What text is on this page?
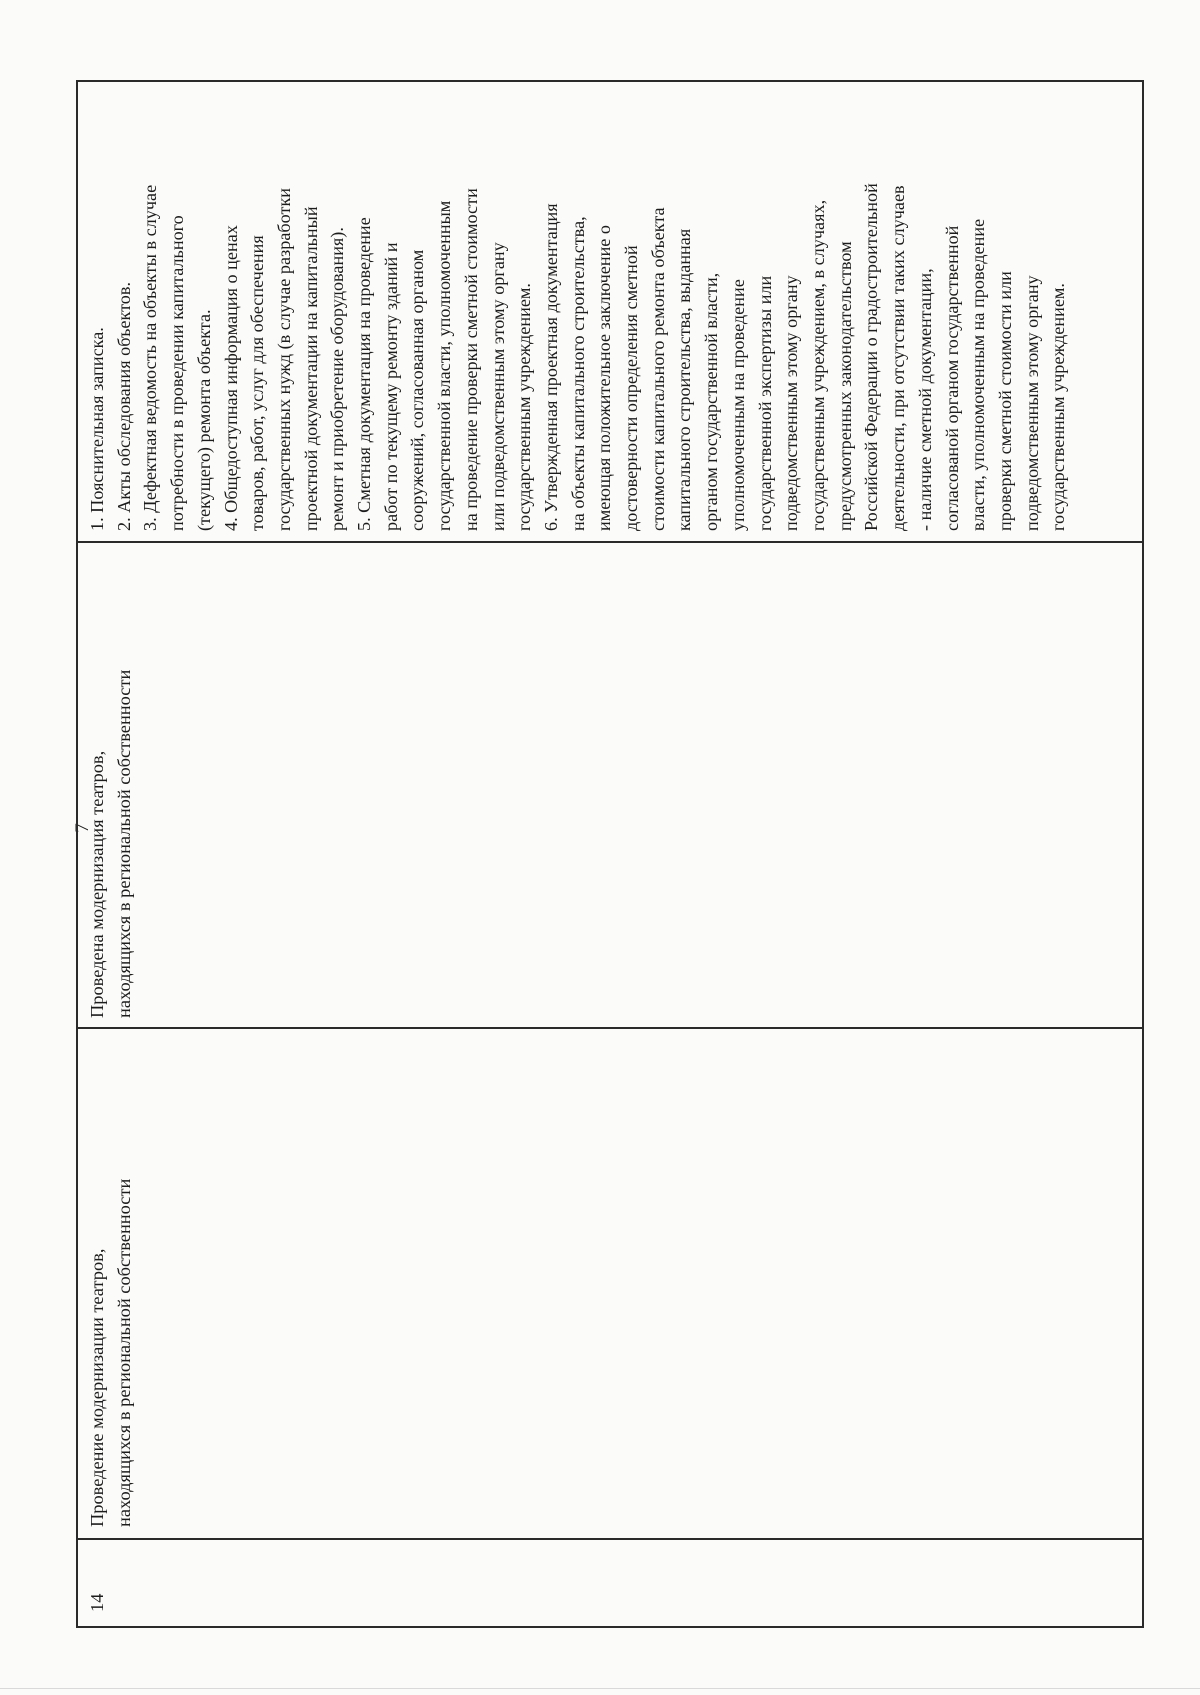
7
14
Проведение модернизации театров,
находящихся в региональной собственности
Проведена модернизация театров,
находящихся в региональной собственности
1. Пояснительная записка.
2. Акты обследования объектов.
3. Дефектная ведомость на объекты в случае
потребности в проведении капитального
(текущего) ремонта объекта.
4. Общедоступная информация о ценах
товаров, работ, услуг для обеспечения
государственных нужд (в случае разработки
проектной документации на капитальный
ремонт и приобретение оборудования).
5. Сметная документация на проведение
работ по текущему ремонту зданий и
сооружений, согласованная органом
государственной власти, уполномоченным
на проведение проверки сметной стоимости
или подведомственным этому органу
государственным учреждением.
6. Утвержденная проектная документация
на объекты капитального строительства,
имеющая положительное заключение о
достоверности определения сметной
стоимости капитального ремонта объекта
капитального строительства, выданная
органом государственной власти,
уполномоченным на проведение
государственной экспертизы или
подведомственным этому органу
государственным учреждением, в случаях,
предусмотренных законодательством
Российской Федерации о градостроительной
деятельности, при отсутствии таких случаев
- наличие сметной документации,
согласованой органом государственной
власти, уполномоченным на проведение
проверки сметной стоимости или
подведомственным этому органу
государственным учреждением.
